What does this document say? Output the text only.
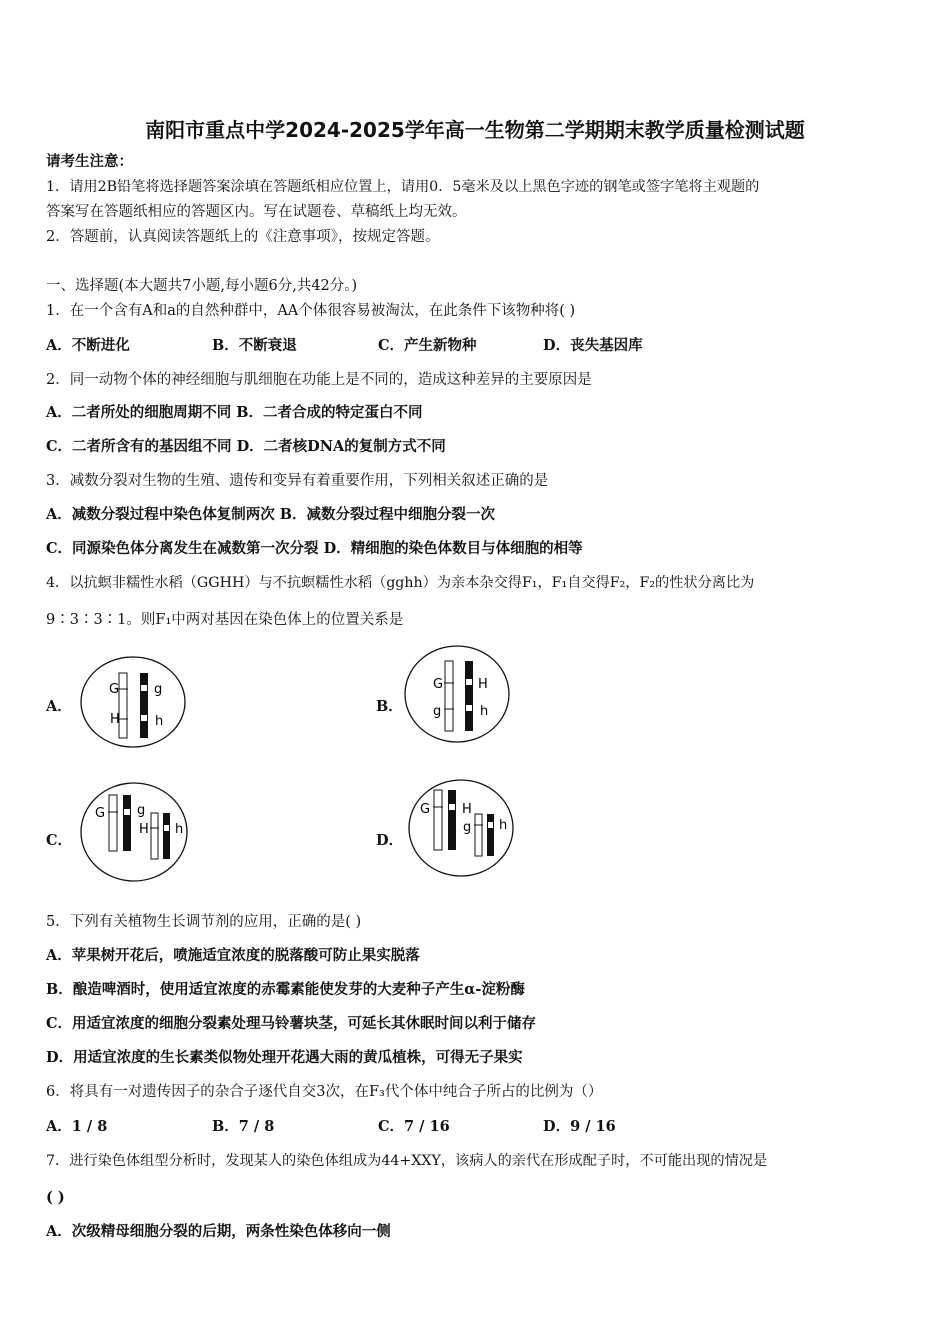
南阳市重点中学2024-2025学年高一生物第二学期期末教学质量检测试题
请考生注意：
1．请用2B铅笔将选择题答案涂填在答题纸相应位置上，请用0．5毫米及以上黑色字迹的钢笔或签字笔将主观题的
答案写在答题纸相应的答题区内。写在试题卷、草稿纸上均无效。
2．答题前，认真阅读答题纸上的《注意事项》，按规定答题。
一、选择题(本大题共7小题,每小题6分,共42分。)
1．在一个含有A和a的自然种群中，AA个体很容易被淘汰，在此条件下该物种将( )
A．不断进化	B．不断衰退	C．产生新物种	D．丧失基因库
2．同一动物个体的神经细胞与肌细胞在功能上是不同的，造成这种差异的主要原因是
A．二者所处的细胞周期不同 B．二者合成的特定蛋白不同
C．二者所含有的基因组不同 D．二者核DNA的复制方式不同
3．减数分裂对生物的生殖、遗传和变异有着重要作用，下列相关叙述正确的是
A．减数分裂过程中染色体复制两次 B．减数分裂过程中细胞分裂一次
C．同源染色体分离发生在减数第一次分裂 D．精细胞的染色体数目与体细胞的相等
4．以抗螟非糯性水稻（GGHH）与不抗螟糯性水稻（gghh）为亲本杂交得F₁，F₁自交得F₂，F₂的性状分离比为
9∶3∶3∶1。则F₁中两对基因在染色体上的位置关系是
A．
G
H
g
h
B．
G
g
H
h
C．
G g
H h
D．
G H
g h
5．下列有关植物生长调节剂的应用，正确的是( )
A．苹果树开花后，喷施适宜浓度的脱落酸可防止果实脱落
B．酿造啤酒时，使用适宜浓度的赤霉素能使发芽的大麦种子产生α-淀粉酶
C．用适宜浓度的细胞分裂素处理马铃薯块茎，可延长其休眠时间以利于储存
D．用适宜浓度的生长素类似物处理开花遇大雨的黄瓜植株，可得无子果实
6．将具有一对遗传因子的杂合子逐代自交3次，在F₃代个体中纯合子所占的比例为（）
A．1 / 8	B．7 / 8	C．7 / 16	D．9 / 16
7．进行染色体组型分析时，发现某人的染色体组成为44+XXY，该病人的亲代在形成配子时，不可能出现的情况是
( )
A．次级精母细胞分裂的后期，两条性染色体移向一侧
